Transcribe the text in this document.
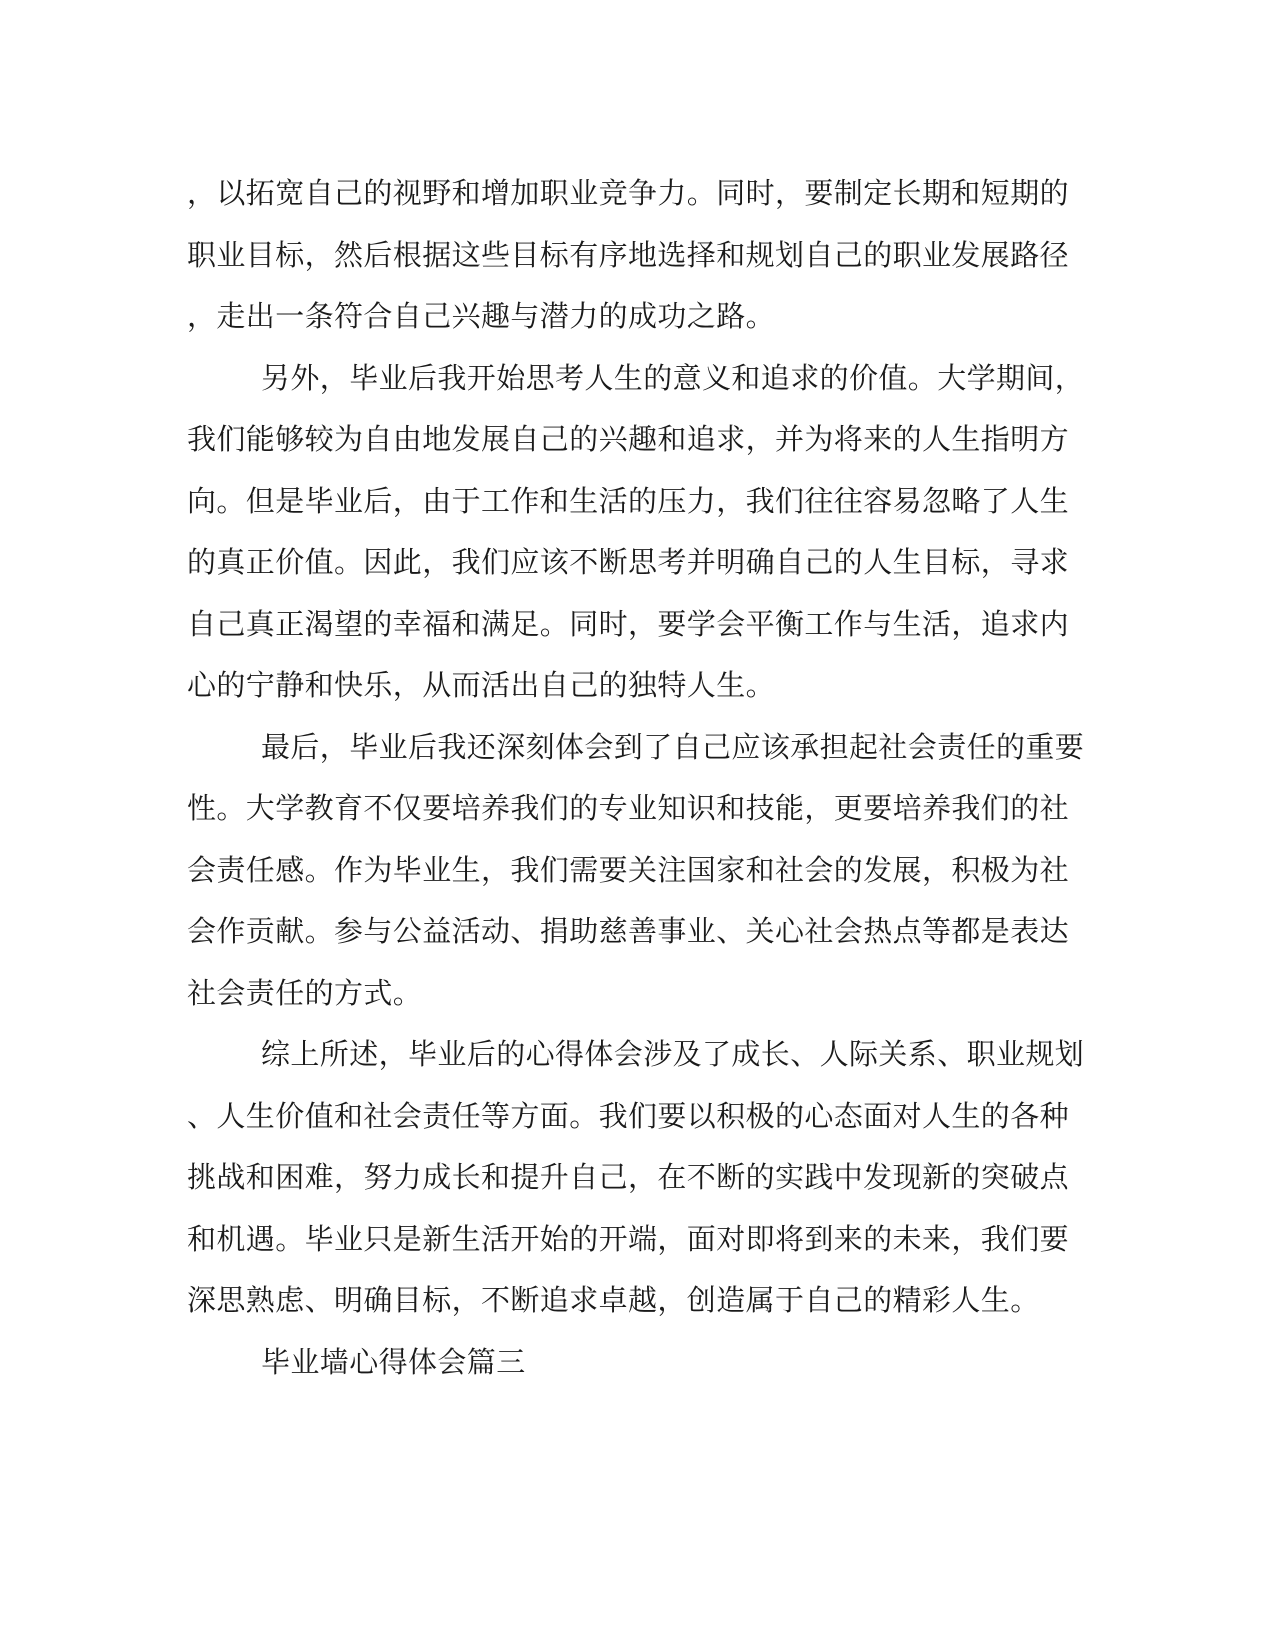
，以拓宽自己的视野和增加职业竞争力。同时，要制定长期和短期的
职业目标，然后根据这些目标有序地选择和规划自己的职业发展路径
，走出一条符合自己兴趣与潜力的成功之路。
另外，毕业后我开始思考人生的意义和追求的价值。大学期间，
我们能够较为自由地发展自己的兴趣和追求，并为将来的人生指明方
向。但是毕业后，由于工作和生活的压力，我们往往容易忽略了人生
的真正价值。因此，我们应该不断思考并明确自己的人生目标，寻求
自己真正渴望的幸福和满足。同时，要学会平衡工作与生活，追求内
心的宁静和快乐，从而活出自己的独特人生。
最后，毕业后我还深刻体会到了自己应该承担起社会责任的重要
性。大学教育不仅要培养我们的专业知识和技能，更要培养我们的社
会责任感。作为毕业生，我们需要关注国家和社会的发展，积极为社
会作贡献。参与公益活动、捐助慈善事业、关心社会热点等都是表达
社会责任的方式。
综上所述，毕业后的心得体会涉及了成长、人际关系、职业规划
、人生价值和社会责任等方面。我们要以积极的心态面对人生的各种
挑战和困难，努力成长和提升自己，在不断的实践中发现新的突破点
和机遇。毕业只是新生活开始的开端，面对即将到来的未来，我们要
深思熟虑、明确目标，不断追求卓越，创造属于自己的精彩人生。
毕业墙心得体会篇三
